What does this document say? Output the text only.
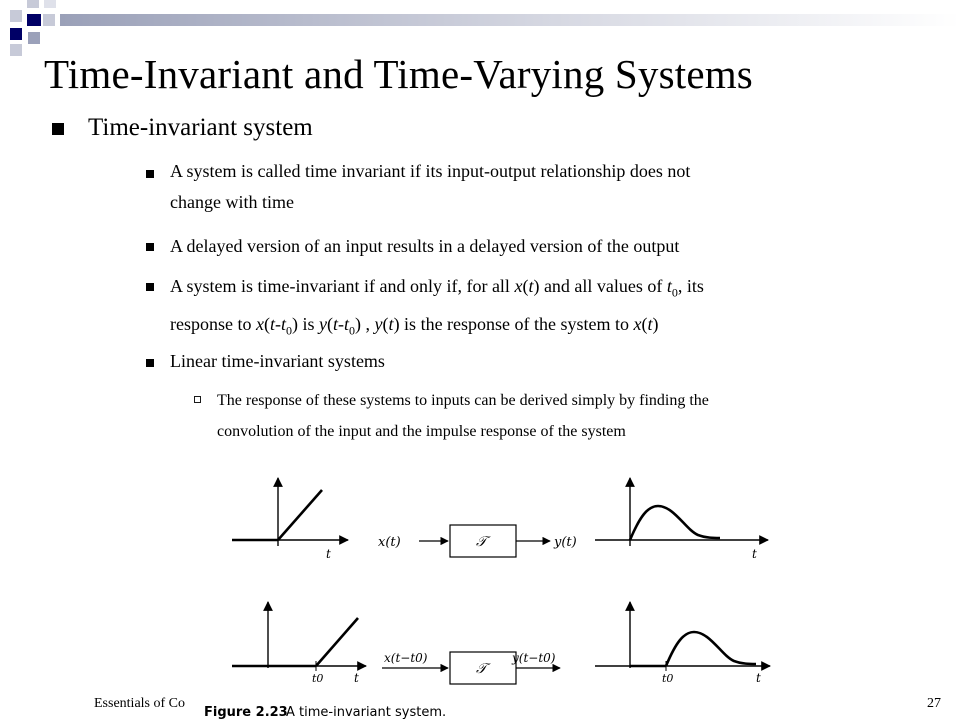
Time-Invariant and Time-Varying Systems
Time-invariant system
A system is called time invariant if its input-output relationship does not
change with time
A delayed version of an input results in a delayed version of the output
A system is time-invariant if and only if, for all x(t) and all values of $t_0$, its
response to $x(t-t_0)$ is $y(t-t_0)$ , y(t) is the response of the system to x(t)
Linear time-invariant systems
The response of these systems to inputs can be derived simply by finding the
convolution of the input and the impulse response of the system
t
x(t)	𝒯	y(t)
t
t0	t
x(t−t0)
𝒯
y(t−t0)
t0	t
Figure 2.23
A time-invariant system.
Essentials of Co	27
